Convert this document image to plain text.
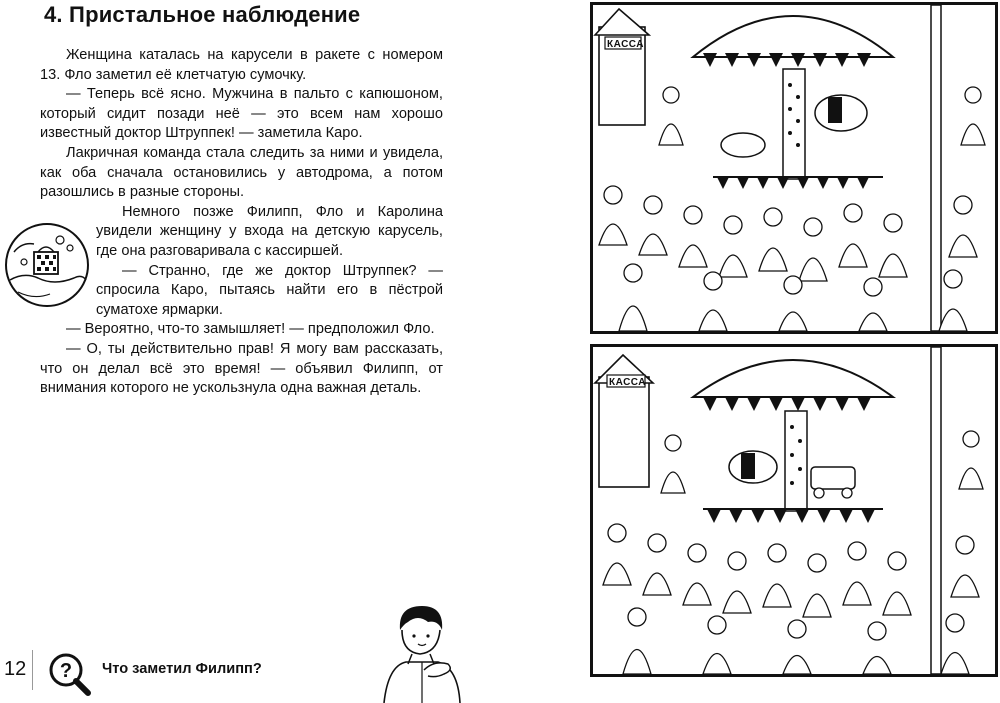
4. Пристальное наблюдение

Женщина каталась на карусели в ракете с номером 13. Фло заметил её клетчатую сумочку.

— Теперь всё ясно. Мужчина в пальто с капюшоном, который сидит позади неё — это всем нам хорошо известный доктор Штруппек! — заметила Каро.

Лакричная команда стала следить за ними и увидела, как оба сначала остановились у автодрома, а потом разошлись в разные стороны.

Немного позже Филипп, Фло и Каролина увидели женщину у входа на детскую карусель, где она разговаривала с кассиршей.

— Странно, где же доктор Штруппек? — спросила Каро, пытаясь найти его в пёстрой суматохе ярмарки.

— Вероятно, что-то замышляет! — предположил Фло.

— О, ты действительно прав! Я могу вам рассказать, что он делал всё это время! — объявил Филипп, от внимания которого не ускользнула одна важная деталь.

12 ? Что заметил Филипп?
КАССА
КАССА
